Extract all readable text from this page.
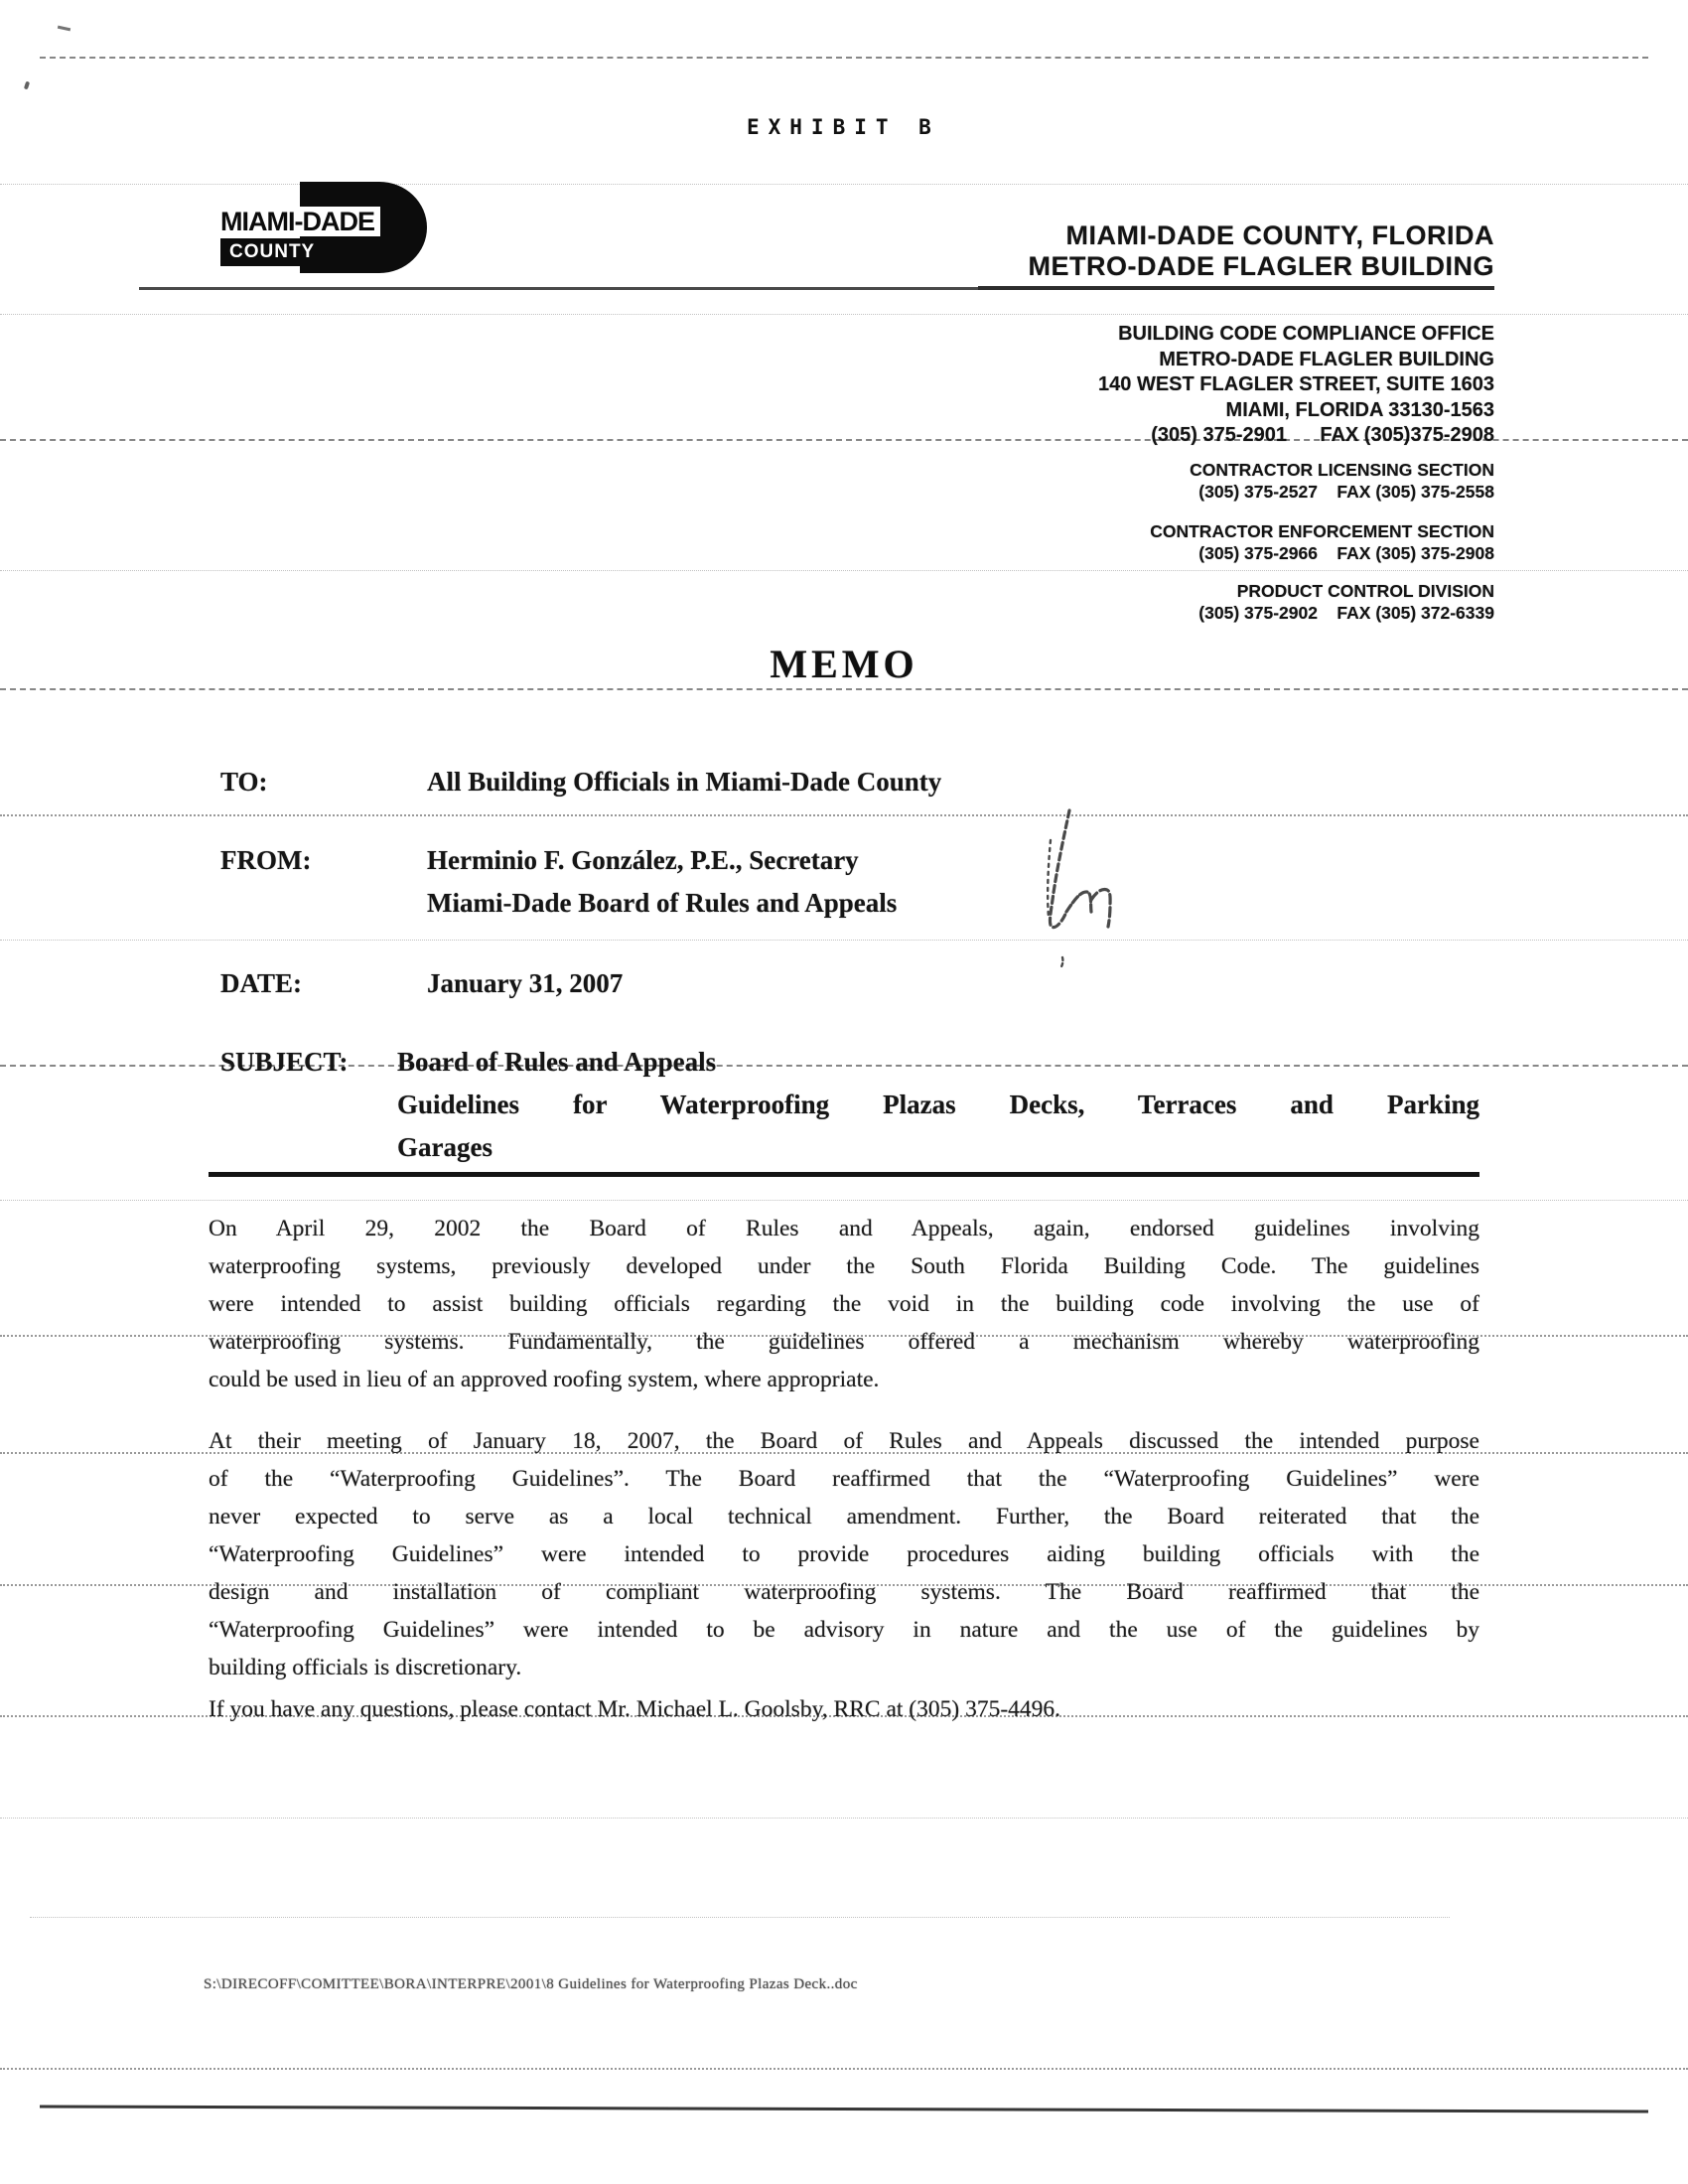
EXHIBIT B
MIAMI-DADE
COUNTY
MIAMI-DADE COUNTY, FLORIDA
METRO-DADE FLAGLER BUILDING
BUILDING CODE COMPLIANCE OFFICE
METRO-DADE FLAGLER BUILDING
140 WEST FLAGLER STREET, SUITE 1603
MIAMI, FLORIDA 33130-1563
(305) 375-2901      FAX (305)375-2908
CONTRACTOR LICENSING SECTION
(305) 375-2527    FAX (305) 375-2558
CONTRACTOR ENFORCEMENT SECTION
(305) 375-2966    FAX (305) 375-2908
PRODUCT CONTROL DIVISION
(305) 375-2902    FAX (305) 372-6339
MEMO
TO:	All Building Officials in Miami-Dade County
FROM:	Herminio F. González, P.E., Secretary
Miami-Dade Board of Rules and Appeals
DATE:	January 31, 2007
SUBJECT: Board of Rules and Appeals
Guidelines for Waterproofing Plazas Decks, Terraces and Parking
Garages
On April 29, 2002 the Board of Rules and Appeals, again, endorsed guidelines involving
waterproofing systems, previously developed under the South Florida Building Code. The guidelines
were intended to assist building officials regarding the void in the building code involving the use of
waterproofing systems. Fundamentally, the guidelines offered a mechanism whereby waterproofing
could be used in lieu of an approved roofing system, where appropriate.
At their meeting of January 18, 2007, the Board of Rules and Appeals discussed the intended purpose
of the “Waterproofing Guidelines”. The Board reaffirmed that the “Waterproofing Guidelines” were
never expected to serve as a local technical amendment. Further, the Board reiterated that the
“Waterproofing Guidelines” were intended to provide procedures aiding building officials with the
design and installation of compliant waterproofing systems. The Board reaffirmed that the
“Waterproofing Guidelines” were intended to be advisory in nature and the use of the guidelines by
building officials is discretionary.
If you have any questions, please contact Mr. Michael L. Goolsby, RRC at (305) 375-4496.
S:\DIRECOFF\COMITTEE\BORA\INTERPRE\2001\8 Guidelines for Waterproofing Plazas Deck..doc
